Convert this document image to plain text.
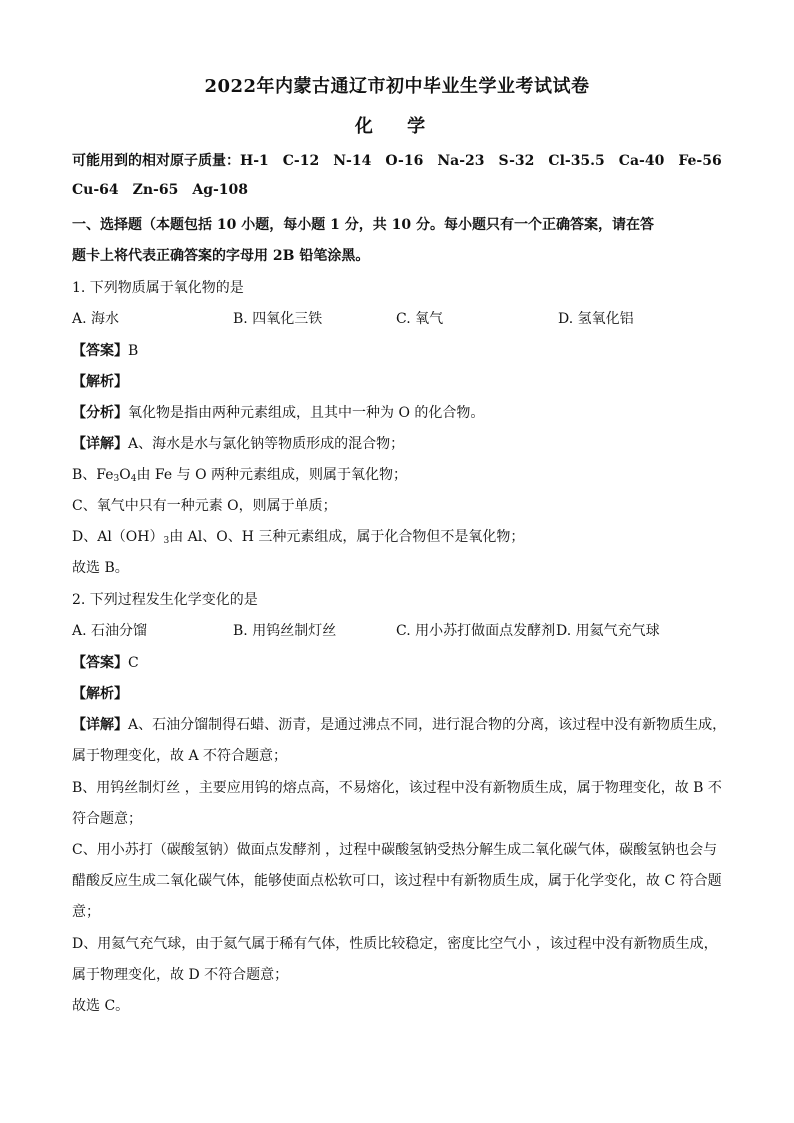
2022年内蒙古通辽市初中毕业生学业考试试卷
化 学
可能用到的相对原子质量：H-1 C-12 N-14 O-16 Na-23 S-32 Cl-35.5 Ca-40 Fe-56
Cu-64 Zn-65 Ag-108
一、选择题（本题包括 10 小题，每小题 1 分，共 10 分。每小题只有一个正确答案，请在答
题卡上将代表正确答案的字母用 2B 铅笔涂黑。
1. 下列物质属于氧化物的是
A. 海水	B. 四氧化三铁	C. 氧气	D. 氢氧化铝
【答案】B
【解析】
【分析】氧化物是指由两种元素组成，且其中一种为 O 的化合物。
【详解】A、海水是水与氯化钠等物质形成的混合物；
B、$Fe_3O_4$由 Fe 与 O 两种元素组成，则属于氧化物；
C、氧气中只有一种元素 O，则属于单质；
D、$Al(OH)_3$由 Al、O、H 三种元素组成，属于化合物但不是氧化物；
故选 B。
2. 下列过程发生化学变化的是
A. 石油分馏	B. 用钨丝制灯丝	C. 用小苏打做面点发酵剂 D. 用氦气充气球
【答案】C
【解析】
【详解】A、石油分馏制得石蜡、沥青，是通过沸点不同，进行混合物的分离，该过程中没有新物质生成，
属于物理变化，故 A 不符合题意；
B、用钨丝制灯丝 ，主要应用钨的熔点高，不易熔化，该过程中没有新物质生成，属于物理变化，故 B 不
符合题意；
C、用小苏打（碳酸氢钠）做面点发酵剂 ，过程中碳酸氢钠受热分解生成二氧化碳气体，碳酸氢钠也会与
醋酸反应生成二氧化碳气体，能够使面点松软可口，该过程中有新物质生成，属于化学变化，故 C 符合题
意；
D、用氦气充气球，由于氦气属于稀有气体，性质比较稳定，密度比空气小 ，该过程中没有新物质生成，
属于物理变化，故 D 不符合题意；
故选 C。
